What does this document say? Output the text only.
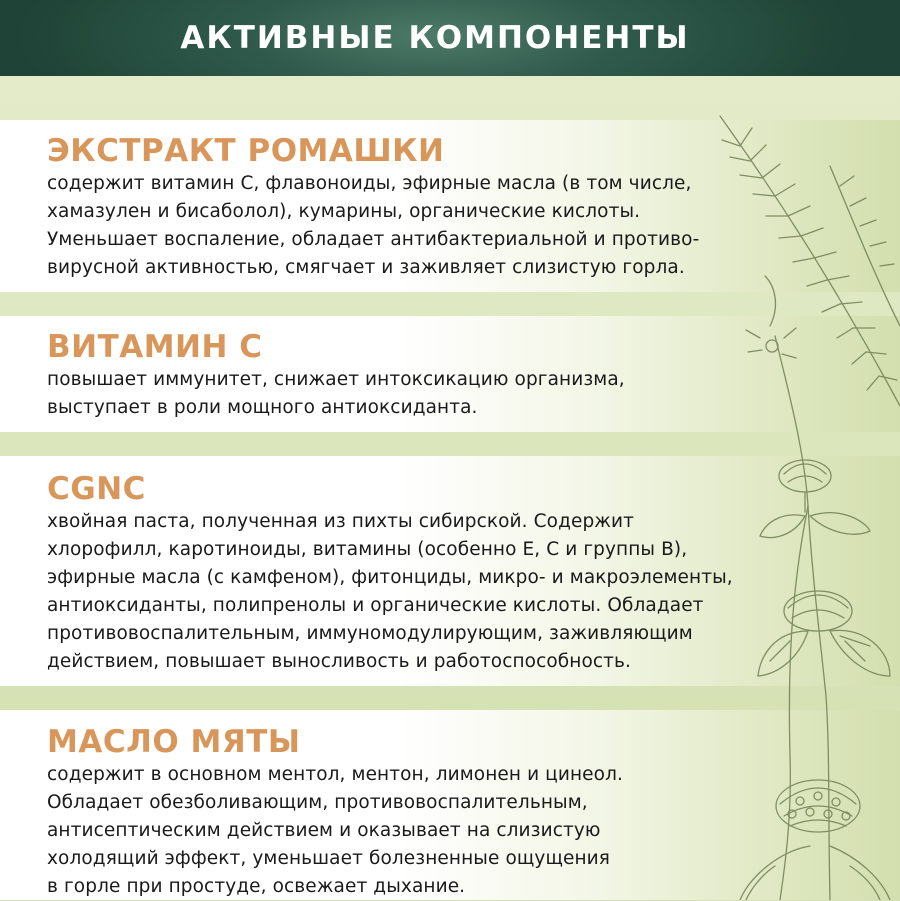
АКТИВНЫЕ КОМПОНЕНТЫ
ЭКСТРАКТ РОМАШКИ

содержит витамин С, флавоноиды, эфирные масла (в том числе,
хамазулен и бисаболол), кумарины, органические кислоты.
Уменьшает воспаление, обладает антибактериальной и противо-
вирусной активностью, смягчает и заживляет слизистую горла.

ВИТАМИН С

повышает иммунитет, снижает интоксикацию организма,
выступает в роли мощного антиоксиданта.

CGNC

хвойная паста, полученная из пихты сибирской. Содержит
хлорофилл, каротиноиды, витамины (особенно Е, С и группы В),
эфирные масла (с камфеном), фитонциды, микро- и макроэлементы,
антиоксиданты, полипренолы и органические кислоты. Обладает
противовоспалительным, иммуномодулирующим, заживляющим
действием, повышает выносливость и работоспособность.

МАСЛО МЯТЫ

содержит в основном ментол, ментон, лимонен и цинеол.
Обладает обезболивающим, противовоспалительным,
антисептическим действием и оказывает на слизистую
холодящий эффект, уменьшает болезненные ощущения
в горле при простуде, освежает дыхание.
